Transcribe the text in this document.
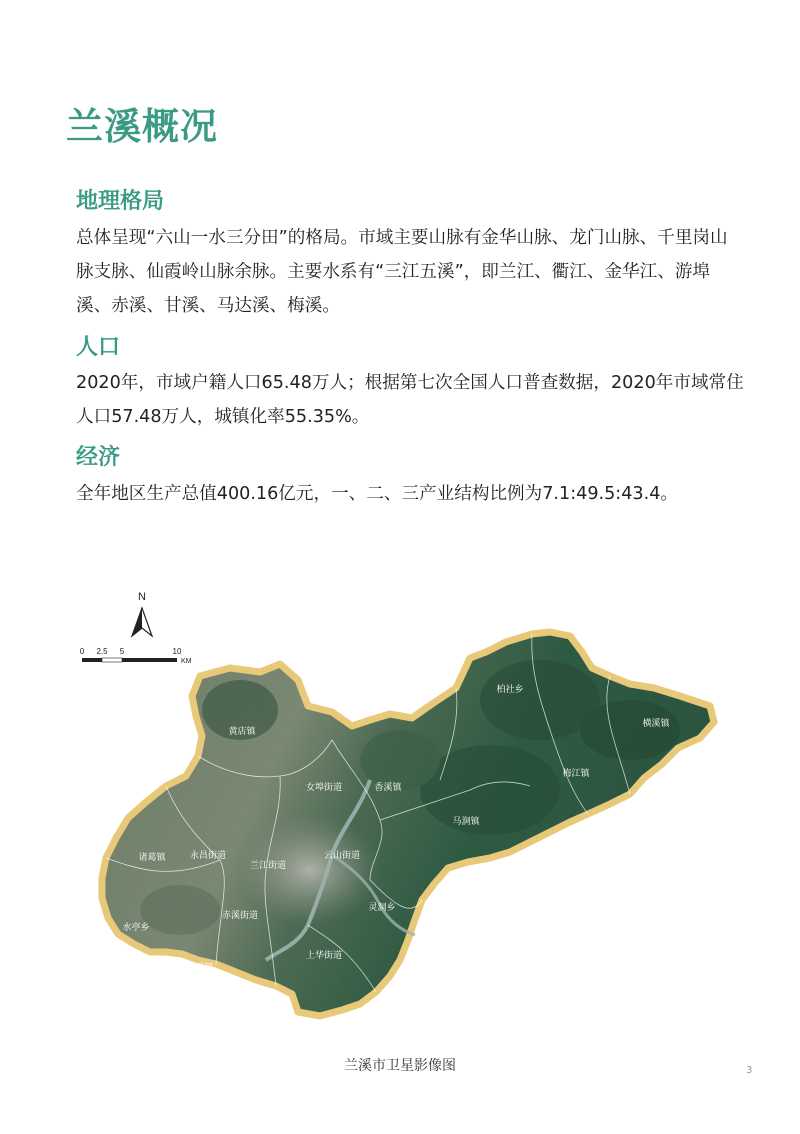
兰溪概况
地理格局

总体呈现“六山一水三分田”的格局。市域主要山脉有金华山脉、龙门山脉、千里岗山脉支脉、仙霞岭山脉余脉。主要水系有“三江五溪”，即兰江、衢江、金华江、游埠溪、赤溪、甘溪、马达溪、梅溪。

人口

2020年，市域户籍人口65.48万人；根据第七次全国人口普查数据，2020年市域常住人口57.48万人，城镇化率55.35%。

经济

全年地区生产总值400.16亿元，一、二、三产业结构比例为7.1:49.5:43.4。

N
0 2.5 5	10
KM
柏社乡
横溪镇
黄店镇
女埠街道	香溪镇
梅江镇
马涧镇
诸葛镇	永昌街道
兰江街道
云山街道
灵洞乡
水亭乡
赤溪街道
游埠镇
上华街道
兰溪市卫星影像图	3
